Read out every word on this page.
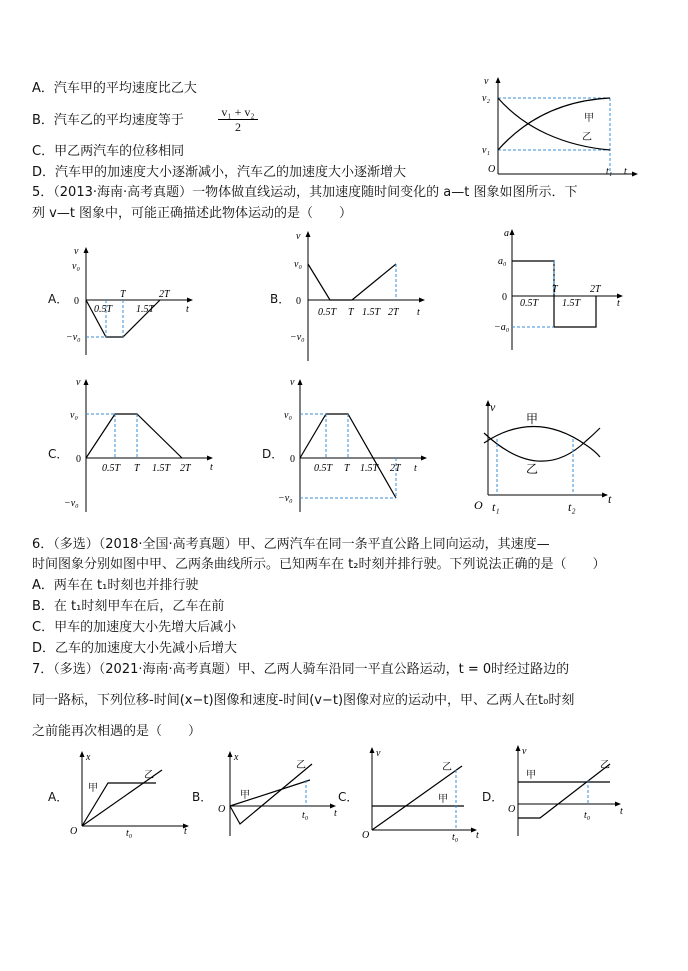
A．汽车甲的平均速度比乙大
B．汽车乙的平均速度等于	$\frac{\text{v₁ + v₂}}{2}$
C．甲乙两汽车的位移相同
D．汽车甲的加速度大小逐渐减小，汽车乙的加速度大小逐渐增大
v
v₂
v₁
O	t₁ t
甲
乙
5．（2013·海南·高考真题）一物体做直线运动，其加速度随时间变化的 a—t 图象如图所示．下
列 v—t 图象中，可能正确描述此物体运动的是（　　）
A．
v
v₀
0
−v₀
0.5T
T
1.5T
2T
t
B．
v
v₀
0
−v₀
0.5T T 1.5T 2T t
a
a₀
0
−a₀
0.5T
T
1.5T
2T
t
C．
v
v₀
0
−v₀
0.5T T 1.5T 2T t
D．
v
v₀
0
−v₀
0.5T T 1.5T 2T t
v
O t₁	t₂
t
甲
乙
6．（多选）（2018·全国·高考真题）甲、乙两汽车在同一条平直公路上同向运动，其速度—
时间图象分别如图中甲、乙两条曲线所示。已知两车在 t₂时刻并排行驶。下列说法正确的是（　　）
A．两车在 t₁时刻也并排行驶
B．在 t₁时刻甲车在后，乙车在前
C．甲车的加速度大小先增大后减小
D．乙车的加速度大小先减小后增大
7．（多选）（2021·海南·高考真题）甲、乙两人骑车沿同一平直公路运动，t = 0时经过路边的
同一路标，下列位移-时间(x−t)图像和速度-时间(v−t)图像对应的运动中，甲、乙两人在t₀时刻
之前能再次相遇的是（　　）
A．
x
甲
乙
O	t₀	t
B．
x
甲
乙
O
t₀	t
C．
v
甲
乙
O	t₀ t
D．
v
甲
乙
O
t₀	t
